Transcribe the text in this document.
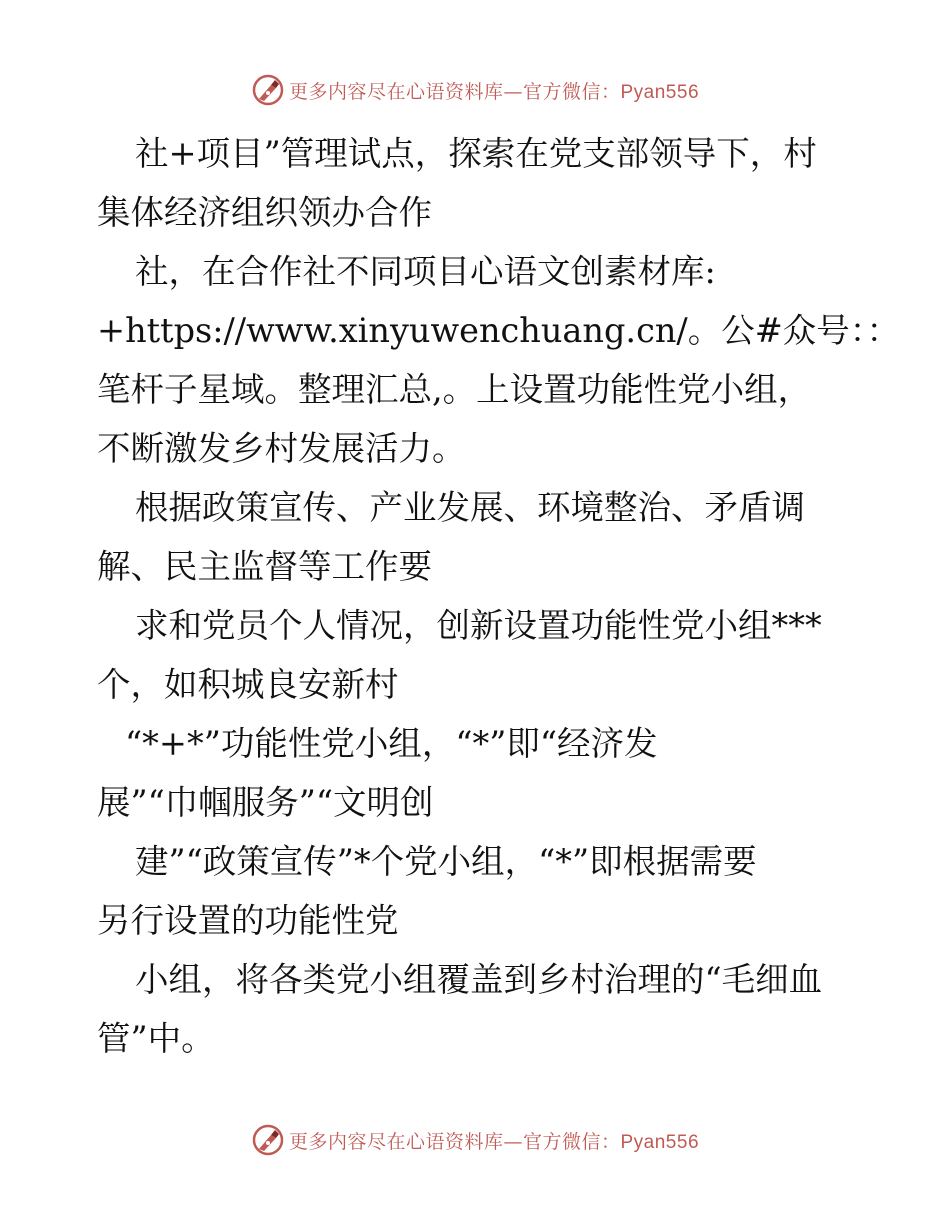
更多内容尽在心语资料库—官方微信：Pyan556
社+项目”管理试点，探索在党支部领导下，村
集体经济组织领办合作
社，在合作社不同项目心语文创素材库:
+https://www.xinyuwenchuang.cn/。公#众号：：
笔杆子星域。整理汇总,。上设置功能性党小组，
不断激发乡村发展活力。
根据政策宣传、产业发展、环境整治、矛盾调
解、民主监督等工作要
求和党员个人情况，创新设置功能性党小组***
个，如积城良安新村
“*+*”功能性党小组，“*”即“经济发
展”“巾帼服务”“文明创
建”“政策宣传”*个党小组，“*”即根据需要
另行设置的功能性党
小组，将各类党小组覆盖到乡村治理的“毛细血
管”中。
更多内容尽在心语资料库—官方微信：Pyan556
